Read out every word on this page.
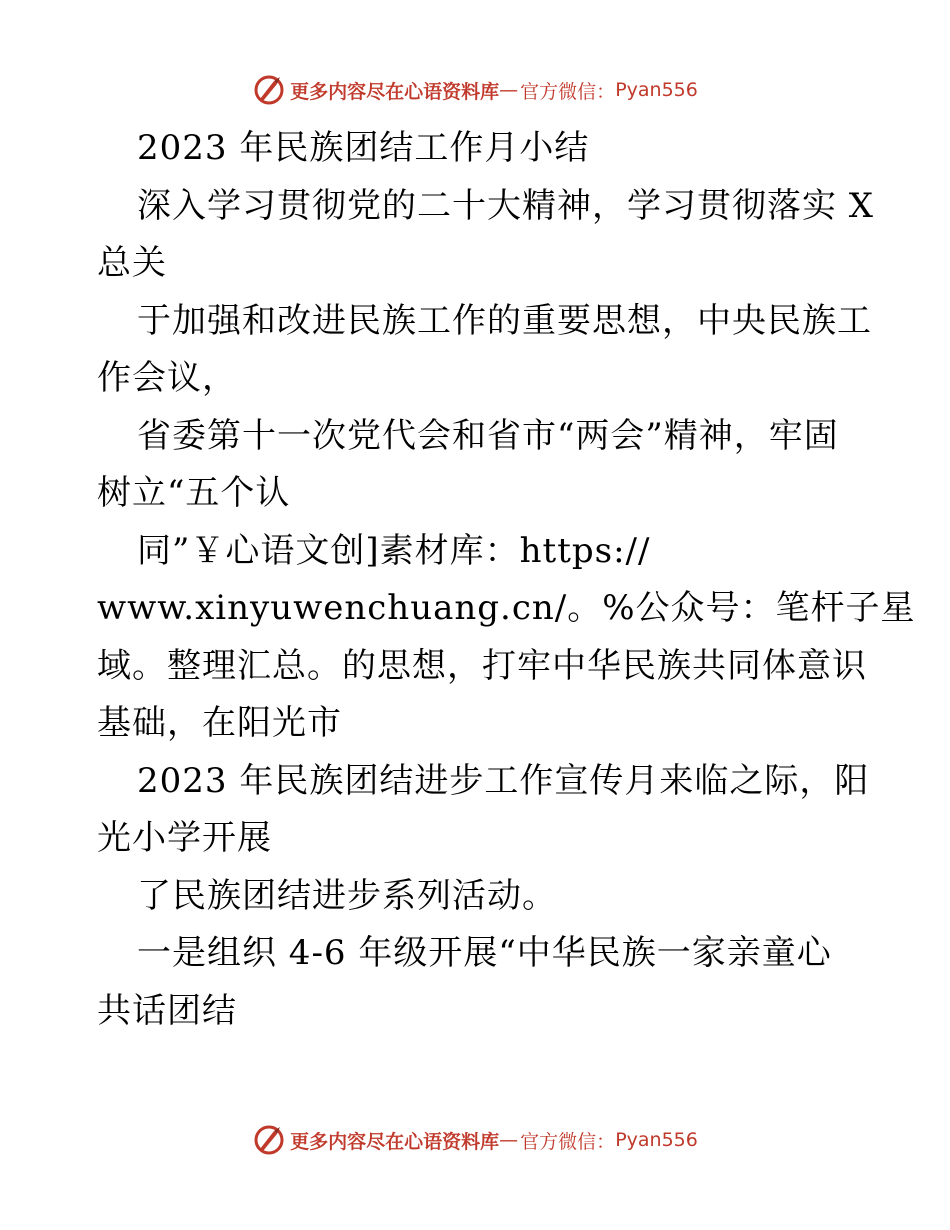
更多内容尽在心语资料库 — 官方微信： Pyan556
2023 年民族团结工作月小结
深入学习贯彻党的二十大精神，学习贯彻落实 X
总关
于加强和改进民族工作的重要思想，中央民族工
作会议，
省委第十一次党代会和省市“两会”精神，牢固
树立“五个认
同”￥心语文创]素材库：https://
www.xinyuwenchuang.cn/。%公众号：笔杆子星
域。整理汇总。的思想，打牢中华民族共同体意识
基础，在阳光市
2023 年民族团结进步工作宣传月来临之际，阳
光小学开展
了民族团结进步系列活动。
一是组织 4-6 年级开展“中华民族一家亲童心
共话团结
更多内容尽在心语资料库 — 官方微信： Pyan556
